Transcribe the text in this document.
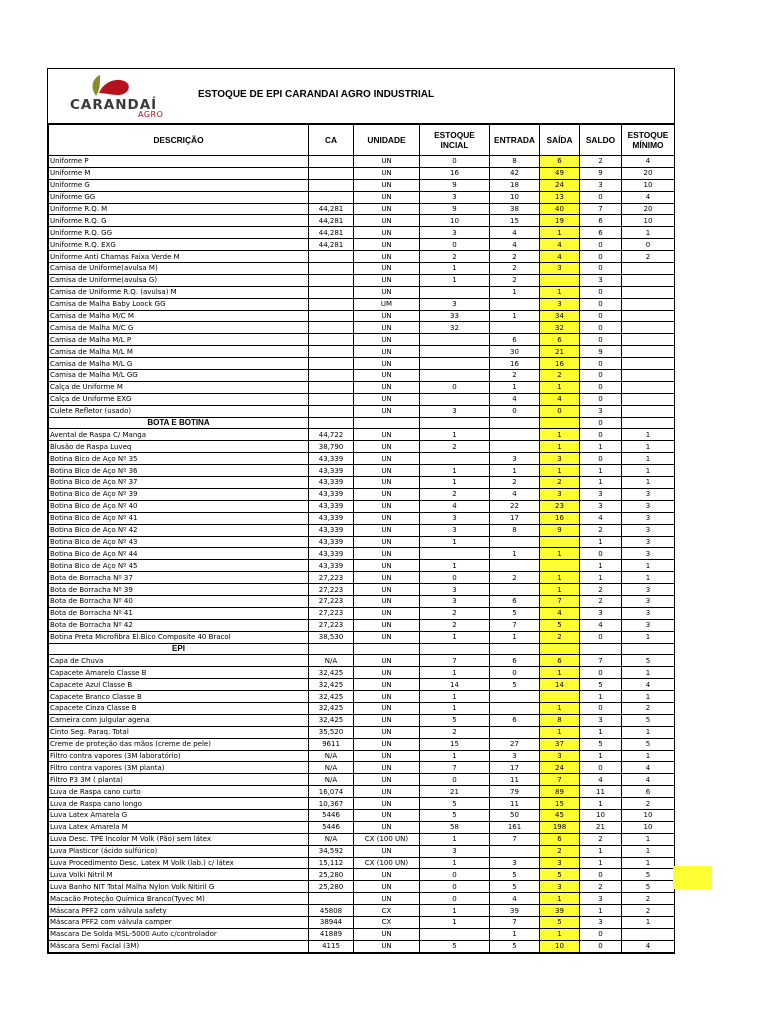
CARANDAÍ
AGRO
ESTOQUE DE EPI CARANDAI AGRO INDUSTRIAL
DESCRIÇÃO	CA	UNIDADE	ESTOQUE INCIAL	ENTRADA	SAÍDA	SALDO	ESTOQUE MÍNIMO
Uniforme P		UN	0	8	6	2	4
Uniforme M		UN	16	42	49	9	20
Uniforme G		UN	9	18	24	3	10
Uniforme GG		UN	3	10	13	0	4
Uniforme R.Q. M	44,281	UN	9	38	40	7	20
Uniforme R.Q. G	44,281	UN	10	15	19	6	10
Uniforme R.Q. GG	44,281	UN	3	4	1	6	1
Uniforme R.Q. EXG	44,281	UN	0	4	4	0	0
Uniforme Anti Chamas Faixa Verde M		UN	2	2	4	0	2
Camisa de Uniforme(avulsa M)		UN	1	2	3	0	
Camisa de Uniforme(avulsa G)		UN	1	2		3	
Camisa de Uniforme R.Q. (avulsa) M		UN		1	1	0	
Camisa de Malha Baby Loock GG		UM	3		3	0	
Camisa de Malha M/C M		UN	33	1	34	0	
Camisa de Malha M/C G		UN	32		32	0	
Camisa de Malha M/L P		UN		6	6	0	
Camisa de Malha M/L M		UN		30	21	9	
Camisa de Malha M/L G		UN		16	16	0	
Camisa de Malha M/L GG		UN		2	2	0	
Calça de Uniforme M		UN	0	1	1	0	
Calça de Uniforme EXG		UN		4	4	0	
Culete Refletor (usado)		UN	3	0	0	3	
BOTA E BOTINA						0	
Avental de Raspa C/ Manga	44,722	UN	1		1	0	1
Blusão de Raspa Luveq	38,790	UN	2		1	1	1
Botina Bico de Aço Nº 35	43,339	UN		3	3	0	1
Botina Bico de Aço Nº 36	43,339	UN	1	1	1	1	1
Botina Bico de Aço Nº 37	43,339	UN	1	2	2	1	1
Botina Bico de Aço Nº 39	43,339	UN	2	4	3	3	3
Botina Bico de Aço Nº 40	43,339	UN	4	22	23	3	3
Botina Bico de Aço Nº 41	43,339	UN	3	17	16	4	3
Botina Bico de Aço Nº 42	43,339	UN	3	8	9	2	3
Botina Bico de Aço Nº 43	43,339	UN	1			1	3
Botina Bico de Aço Nº 44	43,339	UN		1	1	0	3
Botina Bico de Aço Nº 45	43,339	UN	1			1	1
Bota de Borracha Nº 37	27,223	UN	0	2	1	1	1
Bota de Borracha Nº 39	27,223	UN	3		1	2	3
Bota de Borracha Nº 40	27,223	UN	3	6	7	2	3
Bota de Borracha Nº 41	27,223	UN	2	5	4	3	3
Bota de Borracha Nº 42	27,223	UN	2	7	5	4	3
Botina Preta Microfibra El.Bico Composite 40 Bracol	38,530	UN	1	1	2	0	1
EPI							
Capa de Chuva	N/A	UN	7	6	6	7	5
Capacete Amarelo Classe B	32,425	UN	1	0	1	0	1
Capacete Azul Classe B	32,425	UN	14	5	14	5	4
Capacete Branco Classe B	32,425	UN	1			1	1
Capacete Cinza Classe B	32,425	UN	1		1	0	2
Carneira com julgular agena	32,425	UN	5	6	8	3	5
Cinto Seg. Paraq. Total	35,520	UN	2		1	1	1
Creme de proteção das mãos (creme de pele)	9611	UN	15	27	37	5	5
Filtro contra vapores (3M laboratório)	N/A	UN	1	3	3	1	1
Filtro contra vapores (3M planta)	N/A	UN	7	17	24	0	4
Filtro P3 3M ( planta)	N/A	UN	0	11	7	4	4
Luva de Raspa cano curto	16,074	UN	21	79	89	11	6
Luva de Raspa cano longo	10,367	UN	5	11	15	1	2
Luva Latex Amarela G	5446	UN	5	50	45	10	10
Luva Latex Amarela M	5446	UN	58	161	198	21	10
Luva Desc. TPE Incolor M Volk (Pão) sem látex	N/A	CX (100 UN)	1	7	6	2	1
Luva Plasticor (ácido sulfúrico)	34,592	UN	3		2	1	1
Luva Procedimento Desc. Latex M Volk (lab.) c/ látex	15,112	CX (100 UN)	1	3	3	1	1
Luva Volki Nitril M	25,280	UN	0	5	5	0	5
Luva Banho NIT Total Malha Nylon Volk Nitiril G	25,280	UN	0	5	3	2	5
Macacão Proteção Química Branco(Tyvec M)		UN	0	4	1	3	2
Máscara PFF2 com válvula safety	45808	CX	1	39	39	1	2
Máscara PFF2 com válvula camper	38944	CX	1	7	5	3	1
Mascara De Solda MSL-5000 Auto c/controlador	41889	UN		1	1	0	
Máscara Semi Facial (3M)	4115	UN	5	5	10	0	4
